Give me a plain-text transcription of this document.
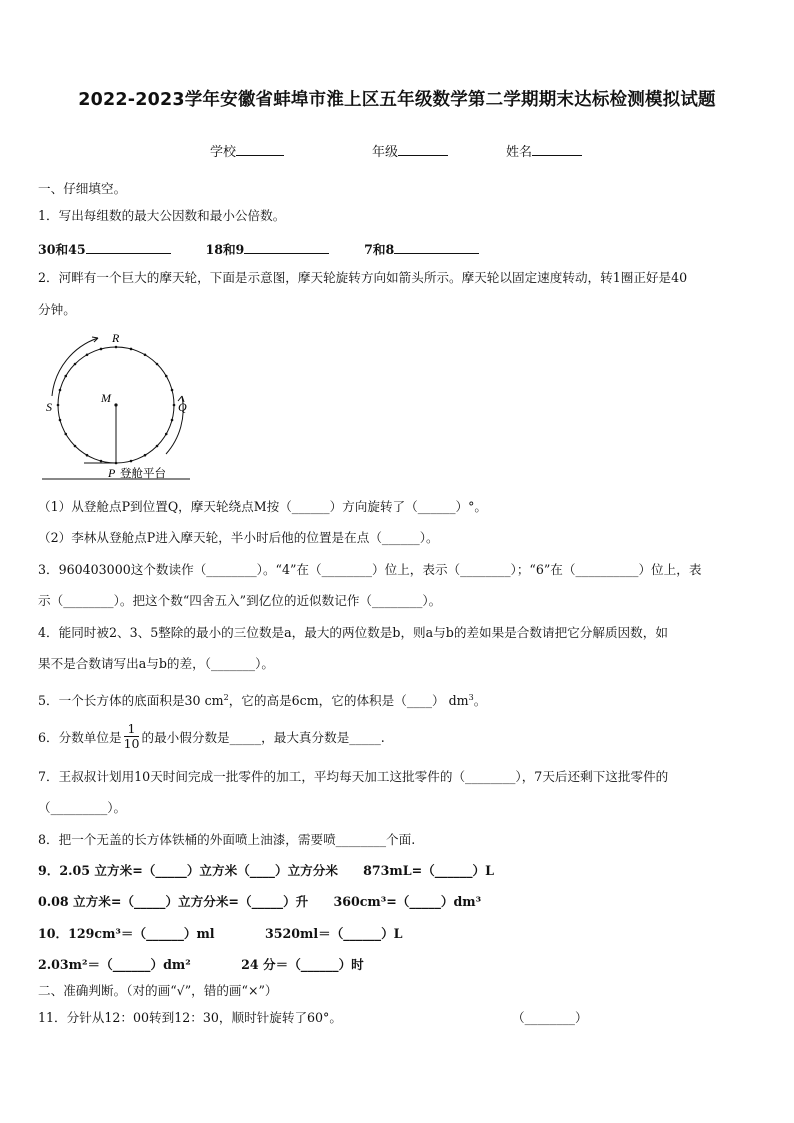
2022-2023学年安徽省蚌埠市淮上区五年级数学第二学期期末达标检测模拟试题
学校	年级	姓名
一、仔细填空。
1．写出每组数的最大公因数和最小公倍数。
30和45	18和9	7和8
2．河畔有一个巨大的摩天轮，下面是示意图，摩天轮旋转方向如箭头所示。摩天轮以固定速度转动，转1圈正好是40
分钟。
R
S	Q
M
P 登舱平台
（1）从登舱点P到位置Q，摩天轮绕点M按（______）方向旋转了（______）°。
（2）李林从登舱点P进入摩天轮，半小时后他的位置是在点（______）。
3．960403000这个数读作（________）。“4”在（________）位上，表示（________）；“6”在（__________）位上，表
示（________）。把这个数“四舍五入”到亿位的近似数记作（________）。
4．能同时被2、3、5整除的最小的三位数是a，最大的两位数是b，则a与b的差如果是合数请把它分解质因数，如
果不是合数请写出a与b的差，（_______）。
5．一个长方体的底面积是30 $cm^2$，它的高是6cm，它的体积是（____） $dm^3$。
6．分数单位是 $\frac{1}{10}$ 的最小假分数是_____，最大真分数是_____.
7．王叔叔计划用10天时间完成一批零件的加工，平均每天加工这批零件的（________），7天后还剩下这批零件的
（_________）。
8．把一个无盖的长方体铁桶的外面喷上油漆，需要喷________个面.
9．2.05 立方米=（_____）立方米（____）立方分米　　873mL=（______）L
0.08 立方米=（_____）立方分米=（_____）升　　360cm³=（_____）dm³
10．129cm³＝（______）ml　　　　3520ml＝（______）L
2.03m²＝（______）dm²　　　　24 分＝（______）时
二、准确判断。（对的画“√”，错的画“×”）
11．分针从12：00转到12：30，顺时针旋转了60°。	（________）
